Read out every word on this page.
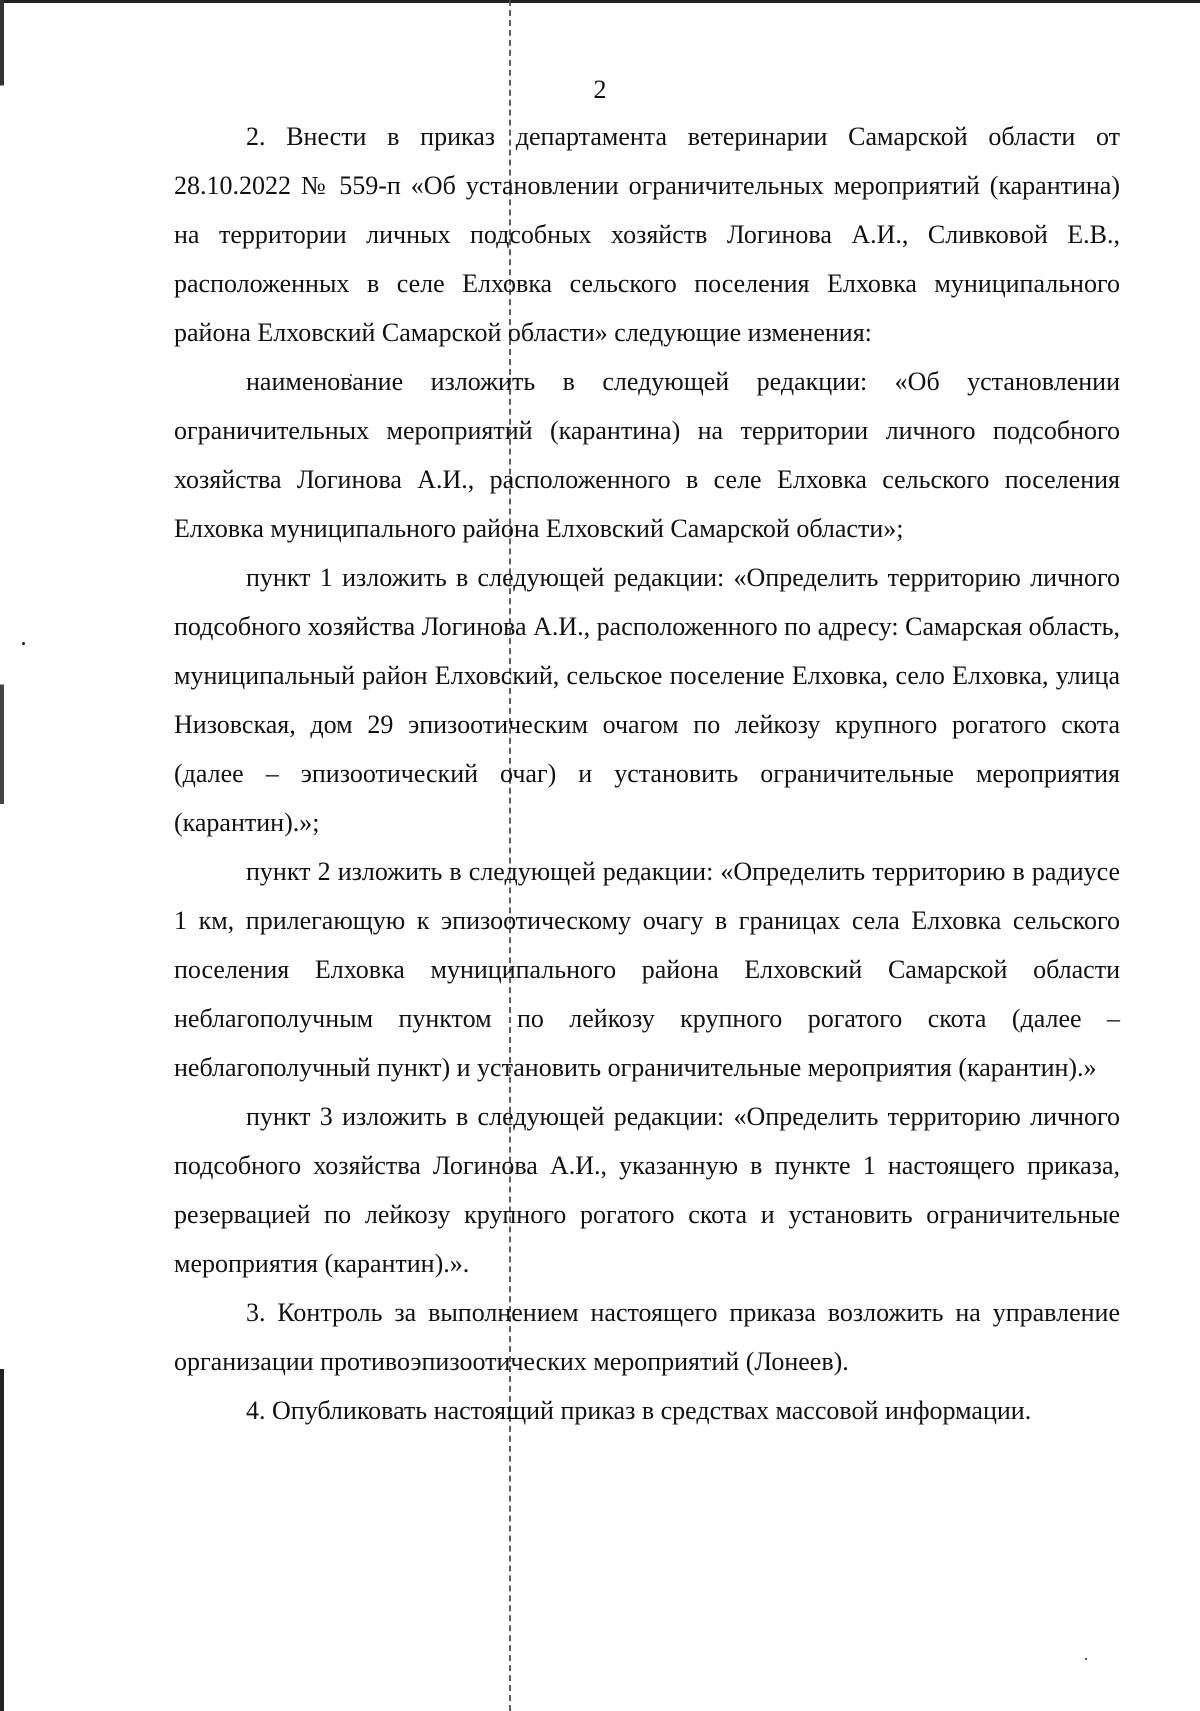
2

2. Внести в приказ департамента ветеринарии Самарской области от 28.10.2022 № 559-п «Об установлении ограничительных мероприятий (карантина) на территории личных подсобных хозяйств Логинова А.И., Сливковой Е.В., расположенных в селе Елховка сельского поселения Елховка муниципального района Елховский Самарской области» следующие изменения:

наименование изложить в следующей редакции: «Об установлении ограничительных мероприятий (карантина) на территории личного подсобного хозяйства Логинова А.И., расположенного в селе Елховка сельского поселения Елховка муниципального района Елховский Самарской области»;

пункт 1 изложить в следующей редакции: «Определить территорию личного подсобного хозяйства Логинова А.И., расположенного по адресу: Самарская область, муниципальный район Елховский, сельское поселение Елховка, село Елховка, улица Низовская, дом 29 эпизоотическим очагом по лейкозу крупного рогатого скота (далее – эпизоотический очаг) и установить ограничительные мероприятия (карантин).»;

пункт 2 изложить в следующей редакции: «Определить территорию в радиусе 1 км, прилегающую к эпизоотическому очагу в границах села Елховка сельского поселения Елховка муниципального района Елховский Самарской области неблагополучным пунктом по лейкозу крупного рогатого скота (далее – неблагополучный пункт) и установить ограничительные мероприятия (карантин).»

пункт 3 изложить в следующей редакции: «Определить территорию личного подсобного хозяйства Логинова А.И., указанную в пункте 1 настоящего приказа, резервацией по лейкозу крупного рогатого скота и установить ограничительные мероприятия (карантин).».

3. Контроль за выполнением настоящего приказа возложить на управление организации противоэпизоотических мероприятий (Лонеев).

4. Опубликовать настоящий приказ в средствах массовой информации.
